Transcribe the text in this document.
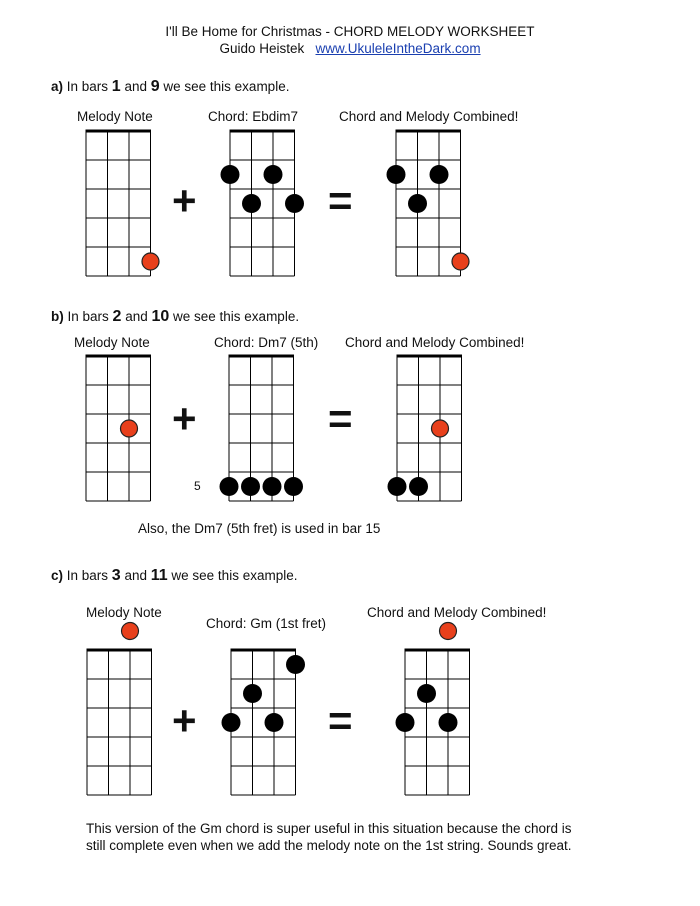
I'll Be Home for Christmas - CHORD MELODY WORKSHEET
Guido Heistek www.UkuleleIntheDark.com
a) In bars 1 and 9 we see this example.
Melody Note	Chord: Ebdim7	Chord and Melody Combined!
+	=
b) In bars 2 and 10 we see this example.
Melody Note	Chord: Dm7 (5th) Chord and Melody Combined!
+
5
=
Also, the Dm7 (5th fret) is used in bar 15
c) In bars 3 and 11 we see this example.
Melody Note
Chord: Gm (1st fret)
Chord and Melody Combined!
+	=
This version of the Gm chord is super useful in this situation because the chord is still complete even when we add the melody note on the 1st string. Sounds great.
